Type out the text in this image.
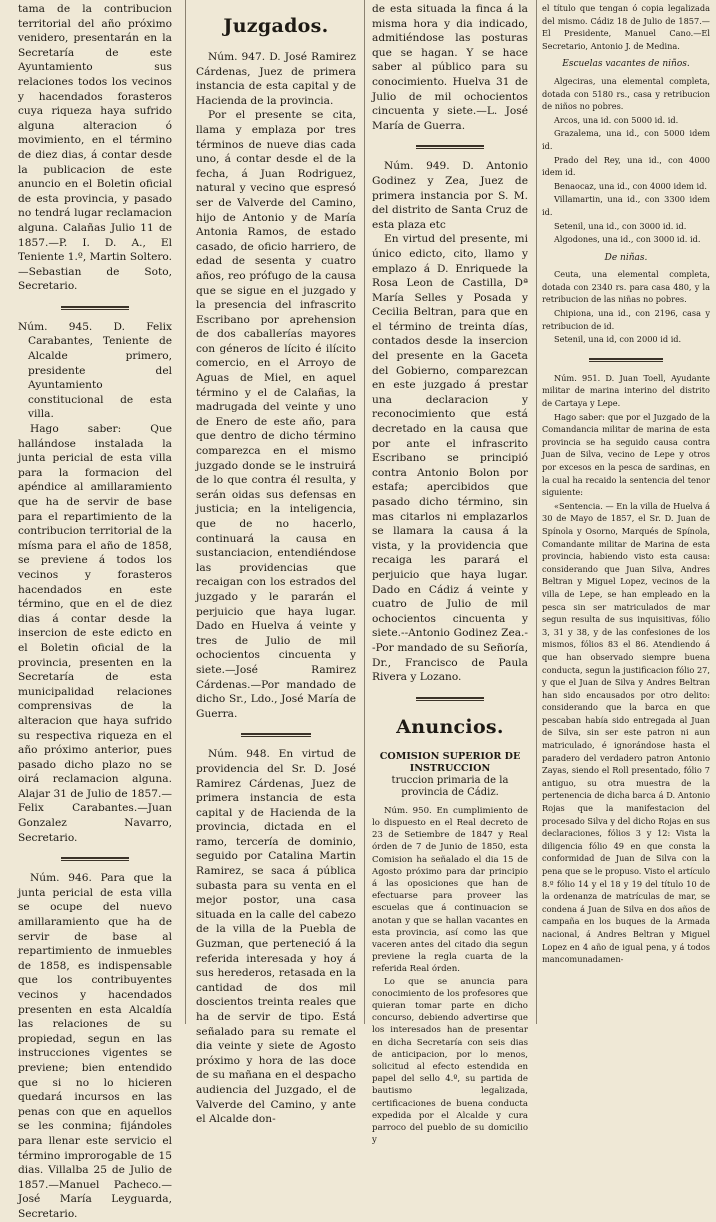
tama de la contribucion territorial del año próximo venidero, presentarán en la Secretaría de este Ayuntamiento sus relaciones todos los vecinos y hacendados forasteros cuya riqueza haya sufrido alguna alteracion ó movimiento, en el término de diez dias, á contar desde la publicacion de este anuncio en el Boletin oficial de esta provincia, y pasado no tendrá lugar reclamacion alguna. Calañas Julio 11 de 1857.—P. I. D. A., El Teniente 1.º, Martin Soltero.—Sebastian de Soto, Secretario.

Núm. 945. D. Felix Carabantes, Teniente de Alcalde primero, presidente del Ayuntamiento constitucional de esta villa.

Hago saber: Que hallándose instalada la junta pericial de esta villa para la formacion del apéndice al amillaramiento que ha de servir de base para el repartimiento de la contribucion territorial de la mísma para el año de 1858, se previene á todos los vecinos y forasteros hacendados en este término, que en el de diez dias á contar desde la insercion de este edicto en el Boletin oficial de la provincia, presenten en la Secretaría de esta municipalidad relaciones comprensivas de la alteracion que haya sufrido su respectiva riqueza en el año próximo anterior, pues pasado dicho plazo no se oirá reclamacion alguna. Alajar 31 de Julio de 1857.—Felix Carabantes.—Juan Gonzalez Navarro, Secretario.

Núm. 946. Para que la junta pericial de esta villa se ocupe del nuevo amillaramiento que ha de servir de base al repartimiento de inmuebles de 1858, es indispensable que los contribuyentes vecinos y hacendados presenten en esta Alcaldía las relaciones de su propiedad, segun en las instrucciones vigentes se previene; bien entendido que si no lo hicieren quedará incursos en las penas con que en aquellos se les conmina; fijándoles para llenar este servicio el término improrogable de 15 dias. Villalba 25 de Julio de 1857.—Manuel Pacheco.—José María Leyguarda, Secretario.

Juzgados.

Núm. 947. D. José Ramirez Cárdenas, Juez de primera instancia de esta capital y de Hacienda de la provincia.

Por el presente se cita, llama y emplaza por tres términos de nueve dias cada uno, á contar desde el de la fecha, á Juan Rodriguez, natural y vecino que espresó ser de Valverde del Camino, hijo de Antonio y de María Antonia Ramos, de estado casado, de oficio harriero, de edad de sesenta y cuatro años, reo prófugo de la causa que se sigue en el juzgado y la presencia del infrascrito Escribano por aprehension de dos caballerías mayores con géneros de lícito é ilícito comercio, en el Arroyo de Aguas de Miel, en aquel término y el de Calañas, la madrugada del veinte y uno de Enero de este año, para que dentro de dicho término comparezca en el mismo juzgado donde se le instruirá de lo que contra él resulta, y serán oidas sus defensas en justicia; en la inteligencia, que de no hacerlo, continuará la causa en sustanciacion, entendiéndose las providencias que recaigan con los estrados del juzgado y le pararán el perjuicio que haya lugar. Dado en Huelva á veinte y tres de Julio de mil ochocientos cincuenta y siete.—José Ramirez Cárdenas.—Por mandado de dicho Sr., Ldo., José María de Guerra.

Núm. 948. En virtud de providencia del Sr. D. José Ramirez Cárdenas, Juez de primera instancia de esta capital y de Hacienda de la provincia, dictada en el ramo, tercería de dominio, seguido por Catalina Martin Ramirez, se saca á pública subasta para su venta en el mejor postor, una casa situada en la calle del cabezo de la villa de la Puebla de Guzman, que perteneció á la referida interesada y hoy á sus herederos, retasada en la cantidad de dos mil doscientos treinta reales que ha de servir de tipo. Está señalado para su remate el dia veinte y siete de Agosto próximo y hora de las doce de su mañana en el despacho audiencia del Juzgado, el de Valverde del Camino, y ante el Alcalde don-

de esta situada la finca á la misma hora y dia indicado, admitiéndose las posturas que se hagan. Y se hace saber al público para su conocimiento. Huelva 31 de Julio de mil ochocientos cincuenta y siete.—L. José María de Guerra.

Núm. 949. D. Antonio Godinez y Zea, Juez de primera instancia por S. M. del distrito de Santa Cruz de esta plaza etc

En virtud del presente, mi único edicto, cito, llamo y emplazo á D. Enriquede la Rosa Leon de Castilla, Dª María Selles y Posada y Cecilia Beltran, para que en el término de treinta días, contados desde la insercion del presente en la Gaceta del Gobierno, comparezcan en este juzgado á prestar una declaracion y reconocimiento que está decretado en la causa que por ante el infrascrito Escribano se principió contra Antonio Bolon por estafa; apercibidos que pasado dicho término, sin mas citarlos ni emplazarlos se llamara la causa á la vista, y la providencia que recaiga les parará el perjuicio que haya lugar. Dado en Cádiz á veinte y cuatro de Julio de mil ochocientos cincuenta y siete.--Antonio Godinez Zea.--Por mandado de su Señoría, Dr., Francisco de Paula Rivera y Lozano.

Anuncios.

COMISION SUPERIOR DE INSTRUCCION

truccion primaria de la provincia de Cádiz.

Núm. 950. En cumplimiento de lo dispuesto en el Real decreto de 23 de Setiembre de 1847 y Real órden de 7 de Junio de 1850, esta Comision ha señalado el dia 15 de Agosto próximo para dar principio á las oposiciones que han de efectuarse para proveer las escuelas que á continuacion se anotan y que se hallan vacantes en esta provincia, así como las que vaceren antes del citado dia segun previene la regla cuarta de la referida Real órden.

Lo que se anuncia para conocimiento de los profesores que quieran tomar parte en dicho concurso, debiendo advertirse que los interesados han de presentar en dicha Secretaría con seis dias de anticipacion, por lo menos, solicitud al efecto estendida en papel del sello 4.º, su partida de bautismo legalizada, certificaciones de buena conducta expedida por el Alcalde y cura parroco del pueblo de su domicilio y

el título que tengan ó copia legalizada del mismo. Cádiz 18 de Julio de 1857.—El Presidente, Manuel Cano.—El Secretario, Antonio J. de Medina.

Escuelas vacantes de niños.

Algeciras, una elemental completa, dotada con 5180 rs., casa y retribucion de niños no pobres.

Arcos, una id. con 5000 id. id.

Grazalema, una id., con 5000 idem id.

Prado del Rey, una id., con 4000 idem id.

Benaocaz, una id., con 4000 idem id.

Villamartin, una id., con 3300 idem id.

Setenil, una id., con 3000 id. id.

Algodones, una id., con 3000 id. id.

De niñas.

Ceuta, una elemental completa, dotada con 2340 rs. para casa 480, y la retribucion de las niñas no pobres.

Chipiona, una id., con 2196, casa y retribucion de id.

Setenil, una id, con 2000 id id.

Núm. 951. D. Juan Toell, Ayudante militar de marina interino del distrito de Cartaya y Lepe.

Hago saber: que por el Juzgado de la Comandancia militar de marina de esta provincia se ha seguido causa contra Juan de Silva, vecino de Lepe y otros por excesos en la pesca de sardinas, en la cual ha recaido la sentencia del tenor siguiente:

«Sentencia. — En la villa de Huelva á 30 de Mayo de 1857, el Sr. D. Juan de Spínola y Osorno, Marqués de Spínola, Comandante militar de Marina de esta provincia, habiendo visto esta causa: considerando que Juan Silva, Andres Beltran y Miguel Lopez, vecinos de la villa de Lepe, se han empleado en la pesca sin ser matriculados de mar segun resulta de sus inquisitivas, fólio 3, 31 y 38, y de las confesiones de los mismos, fólios 83 el 86. Atendiendo á que han observado siempre buena conducta, segun la justificacion fólio 27, y que el Juan de Silva y Andres Beltran han sido encausados por otro delito: considerando que la barca en que pescaban había sido entregada al Juan de Silva, sin ser este patron ni aun matriculado, é ignorándose hasta el paradero del verdadero patron Antonio Zayas, siendo el Roll presentado, fólio 7 antiguo, su otra muestra de la pertenencia de dicha barca á D. Antonio Rojas que la manifestacion del procesado Silva y del dicho Rojas en sus declaraciones, fólios 3 y 12: Vista la diligencia fólio 49 en que consta la conformidad de Juan de Silva con la pena que se le propuso. Visto el artículo 8.º fólio 14 y el 18 y 19 del título 10 de la ordenanza de matrículas de mar, se condena á Juan de Silva en dos años de campaña en los buques de la Armada nacional, á Andres Beltran y Miguel Lopez en 4 año de igual pena, y á todos mancomunadamen-
